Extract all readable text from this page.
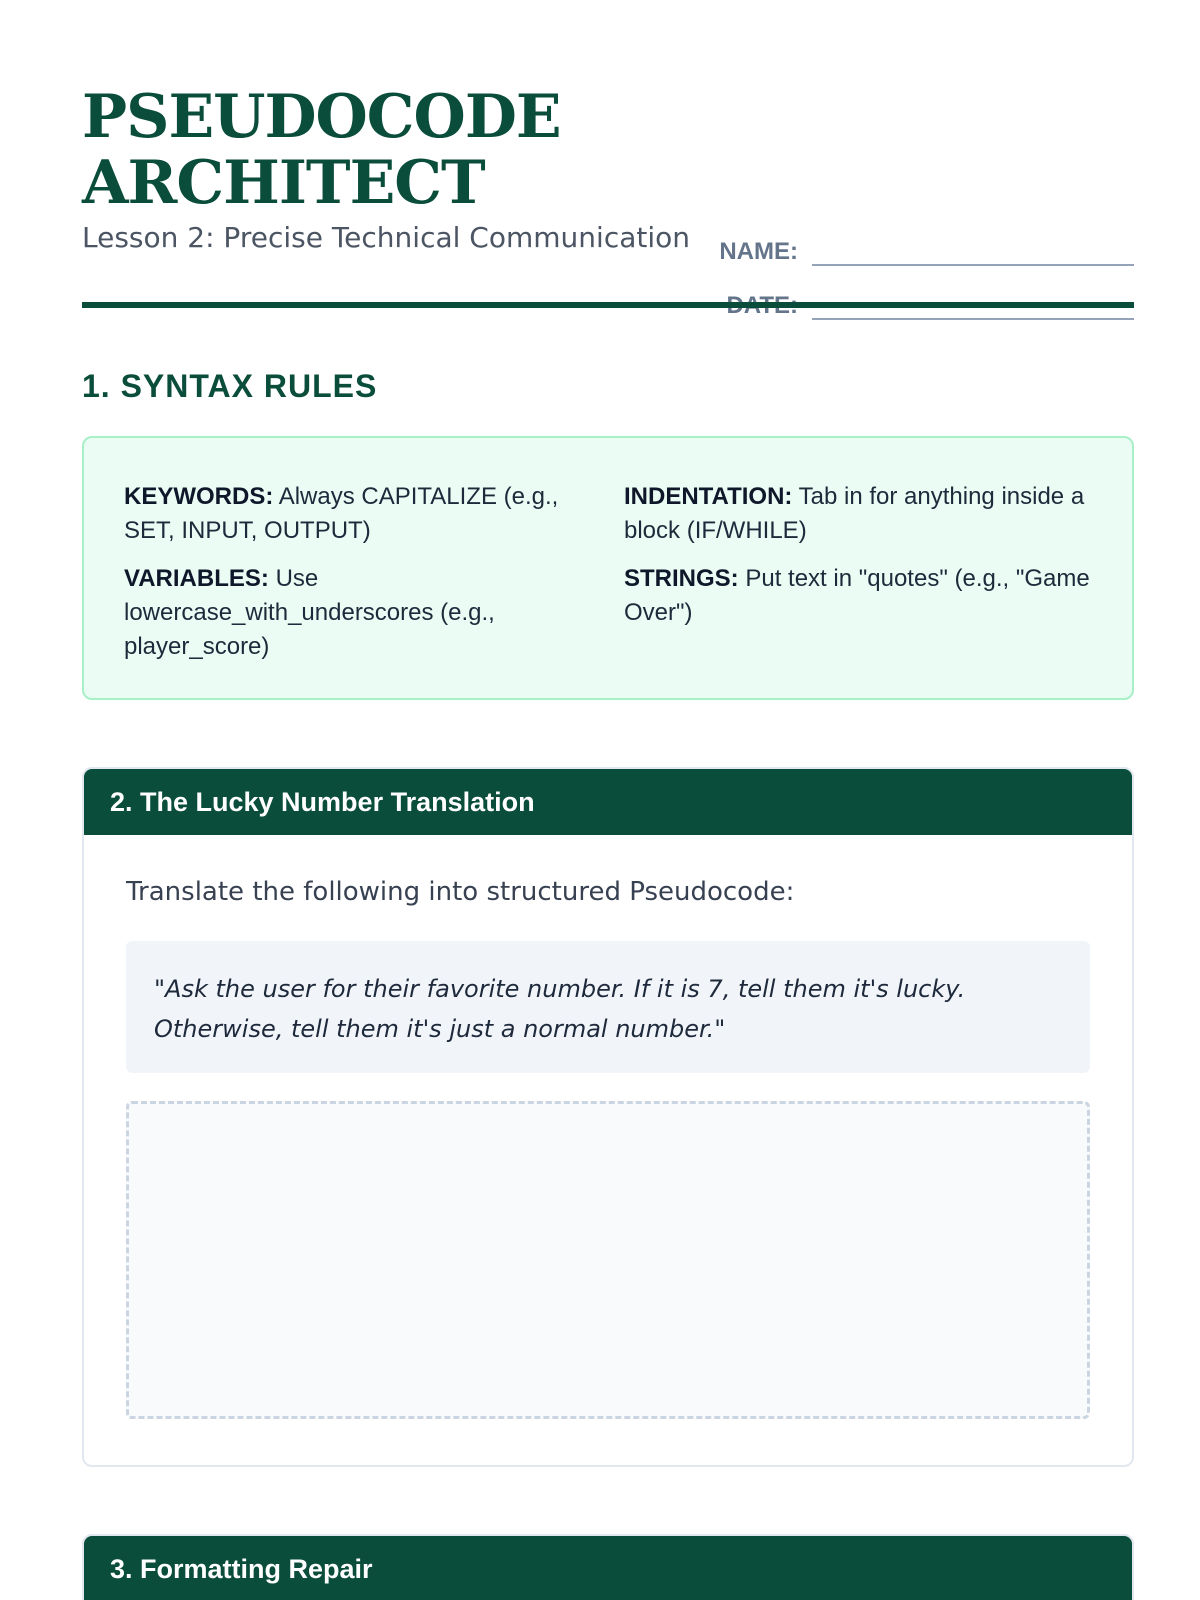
PSEUDOCODE
ARCHITECT
Lesson 2: Precise Technical Communication NAME:
1. SYNTAX RULES
KEYWORDS: Always CAPITALIZE (e.g., SET, INPUT, OUTPUT)
INDENTATION: Tab in for anything inside a block (IF/WHILE)
VARIABLES: Use lowercase_with_underscores (e.g., player_score)
STRINGS: Put text in "quotes" (e.g., "Game Over")
2. The Lucky Number Translation
Translate the following into structured Pseudocode:
"Ask the user for their favorite number. If it is 7, tell them it's lucky. Otherwise, tell them it's just a normal number."
3. Formatting Repair
